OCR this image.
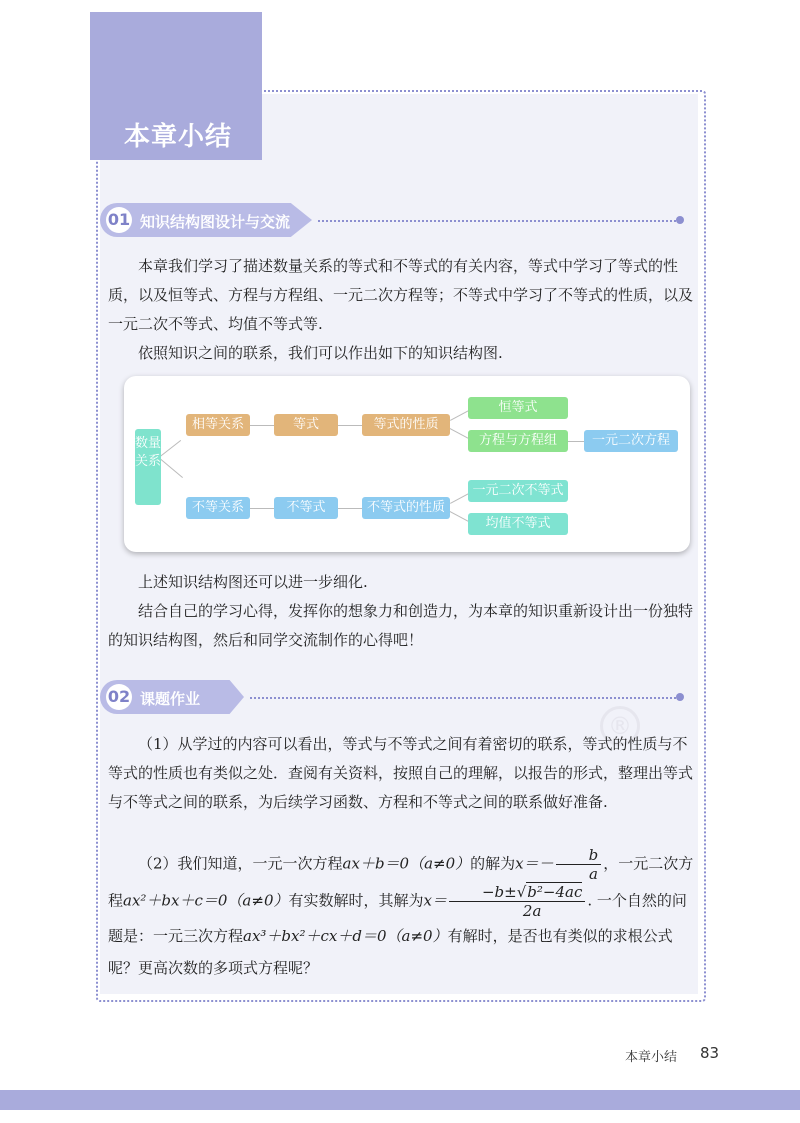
本章小结
01 知识结构图设计与交流
本章我们学习了描述数量关系的等式和不等式的有关内容，等式中学习了等式的性质，以及恒等式、方程与方程组、一元二次方程等；不等式中学习了不等式的性质，以及一元二次不等式、均值不等式等.
依照知识之间的联系，我们可以作出如下的知识结构图.
数量关系
相等关系	等式	等式的性质
恒等式
方程与方程组	一元二次方程
不等关系	不等式	不等式的性质
一元二次不等式
均值不等式
上述知识结构图还可以进一步细化.
结合自己的学习心得，发挥你的想象力和创造力，为本章的知识重新设计出一份独特的知识结构图，然后和同学交流制作的心得吧！
02 课题作业
®
（1）从学过的内容可以看出，等式与不等式之间有着密切的联系，等式的性质与不等式的性质也有类似之处．查阅有关资料，按照自己的理解，以报告的形式，整理出等式与不等式之间的联系，为后续学习函数、方程和不等式之间的联系做好准备.
（2）我们知道，一元一次方程ax＋b＝0（a≠0）的解为$x=- \frac{b}{a}$ ，一元二次方程ax²＋bx＋c＝0（a≠0）有实数解时，其解为$x= \frac{\text{−b±√b²−4ac}}{2a}$ . 一个自然的问题是：一元三次方程ax³＋bx²＋cx＋d＝0（a≠0）有解时，是否也有类似的求根公式呢？更高次数的多项式方程呢？
本章小结 83
